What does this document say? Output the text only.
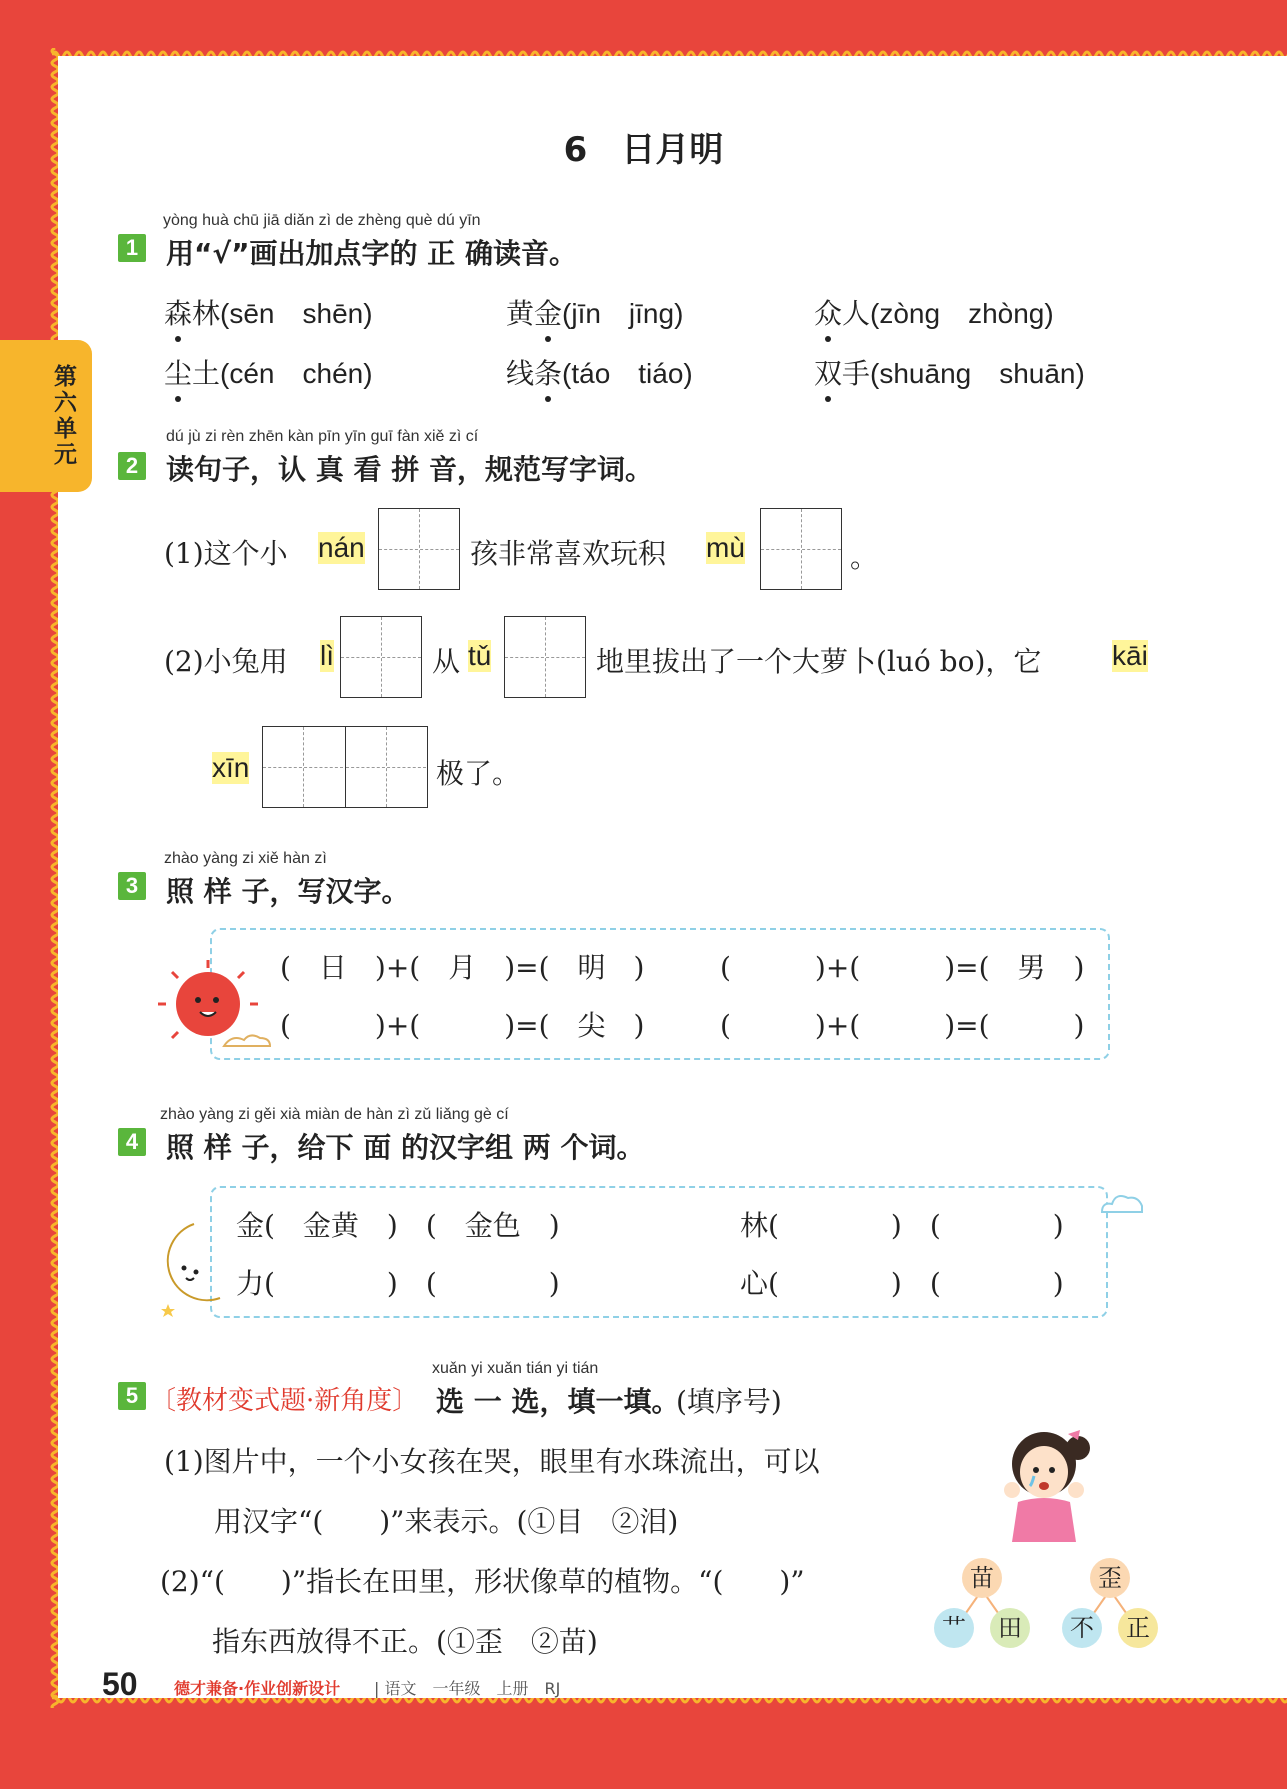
第六单元
6　日月明
yòng huà chū jiā diǎn zì de zhèng què dú yīn
1 用“√”画出加点字的 正 确读音。
森林(sēn　shēn)	黄金(jīn　jīng)	众人(zòng　zhòng)
尘土(cén　chén)	线条(táo　tiáo)	双手(shuāng　shuān)
dú jù zi rèn zhēn kàn pīn yīn guī fàn xiě zì cí
2 读句子，认 真 看 拼 音，规范写字词。
(1)这个小 nán	孩非常喜欢玩积 mù	。
(2)小兔用 lì	从 tǔ	地里拔出了一个大萝卜(luó bo)，它	kāi
xīn	极了。
zhào yàng zi xiě hàn zì
3 照 样 子，写汉字。
(　日　)+(　月　)=(　明　)	(　　　)+(　　　)=(　男　)
(　　　)+(　　　)=(　尖　)	(　　　)+(　　　)=(　　　)
zhào yàng zi gěi xià miàn de hàn zì zǔ liǎng gè cí
4 照 样 子，给下 面 的汉字组 两 个词。
金(　金黄　)　(　金色　)	林(　　　　)　(　　　　)
力(　　　　)　(　　　　)	心(　　　　)　(　　　　)
xuǎn yi xuǎn tián yi tián
5 〔教材变式题·新角度〕 选 一 选，填一填。
(填序号)
(1)图片中，一个小女孩在哭，眼里有水珠流出，可以
用汉字“(　　)”来表示。(①目　②泪)
(2)“(　　)”指长在田里，形状像草的植物。“(　　)”
指东西放得不正。(①歪　②苗)
苗	歪
艹	田	不	正
50 德才兼备·作业创新设计 | 语文　一年级　上册　RJ
